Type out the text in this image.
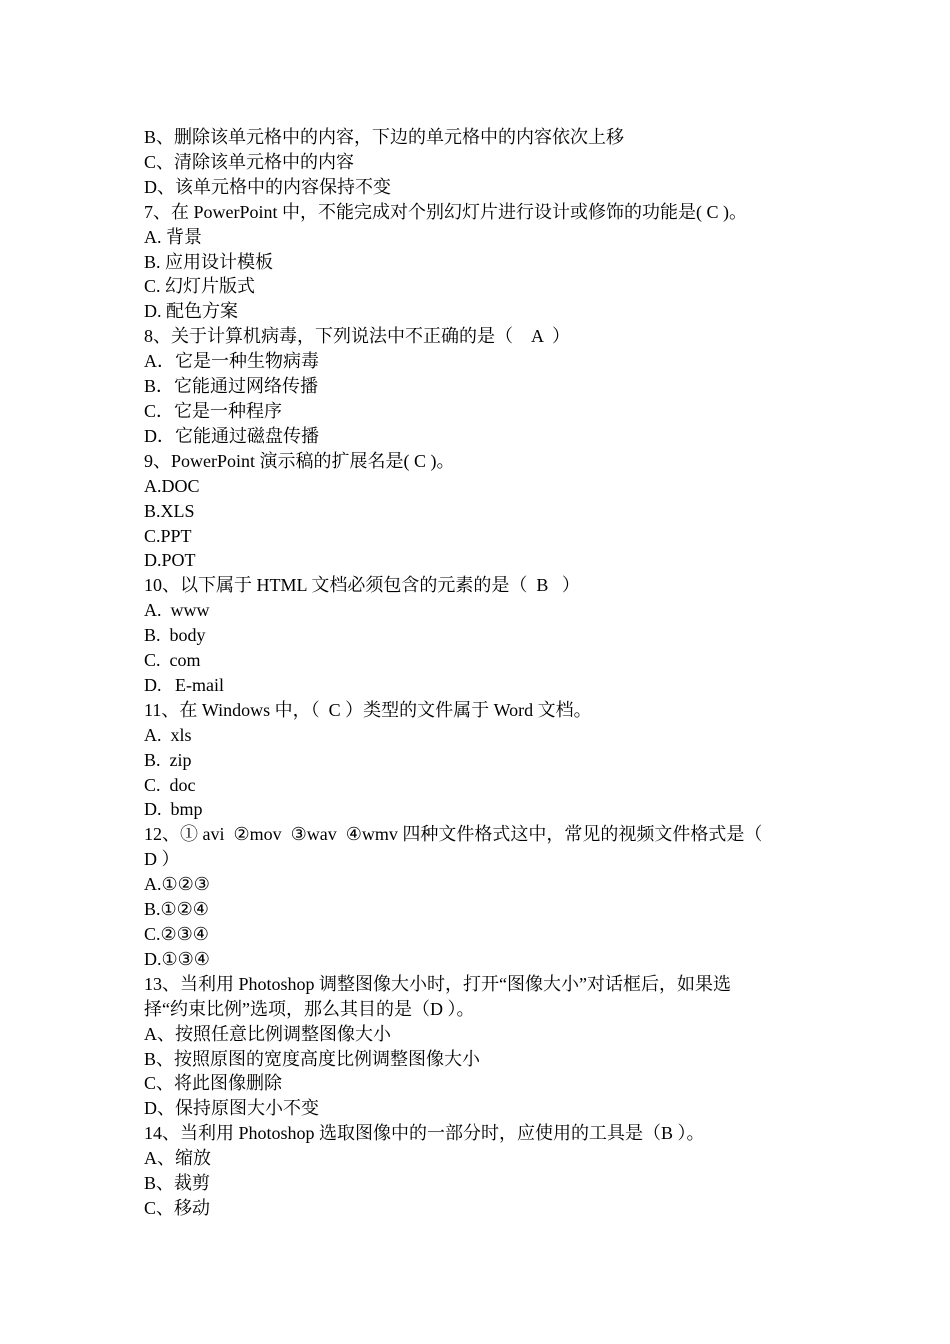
B、删除该单元格中的内容，下边的单元格中的内容依次上移

C、清除该单元格中的内容

D、该单元格中的内容保持不变

7、在 PowerPoint 中，不能完成对个别幻灯片进行设计或修饰的功能是( C )。

A. 背景

B. 应用设计模板

C. 幻灯片版式

D. 配色方案

8、关于计算机病毒，下列说法中不正确的是（    A  ）

A．它是一种生物病毒

B．它能通过网络传播

C．它是一种程序

D．它能通过磁盘传播

9、PowerPoint 演示稿的扩展名是( C )。

A.DOC

B.XLS

C.PPT

D.POT

10、以下属于 HTML 文档必须包含的元素的是（  B   ）

A.  www

B.  body

C.  com

D.   E-mail

11、在 Windows 中，（  C ）类型的文件属于 Word 文档。

A.  xls

B.  zip

C.  doc

D.  bmp

12、① avi  ②mov  ③wav  ④wmv 四种文件格式这中，常见的视频文件格式是（

D ）

A.①②③

B.①②④

C.②③④

D.①③④

13、当利用 Photoshop 调整图像大小时，打开“图像大小”对话框后，如果选

择“约束比例”选项，那么其目的是（D ）。

A、按照任意比例调整图像大小

B、按照原图的宽度高度比例调整图像大小

C、将此图像删除

D、保持原图大小不变

14、当利用 Photoshop 选取图像中的一部分时，应使用的工具是（B ）。

A、缩放

B、裁剪

C、移动
